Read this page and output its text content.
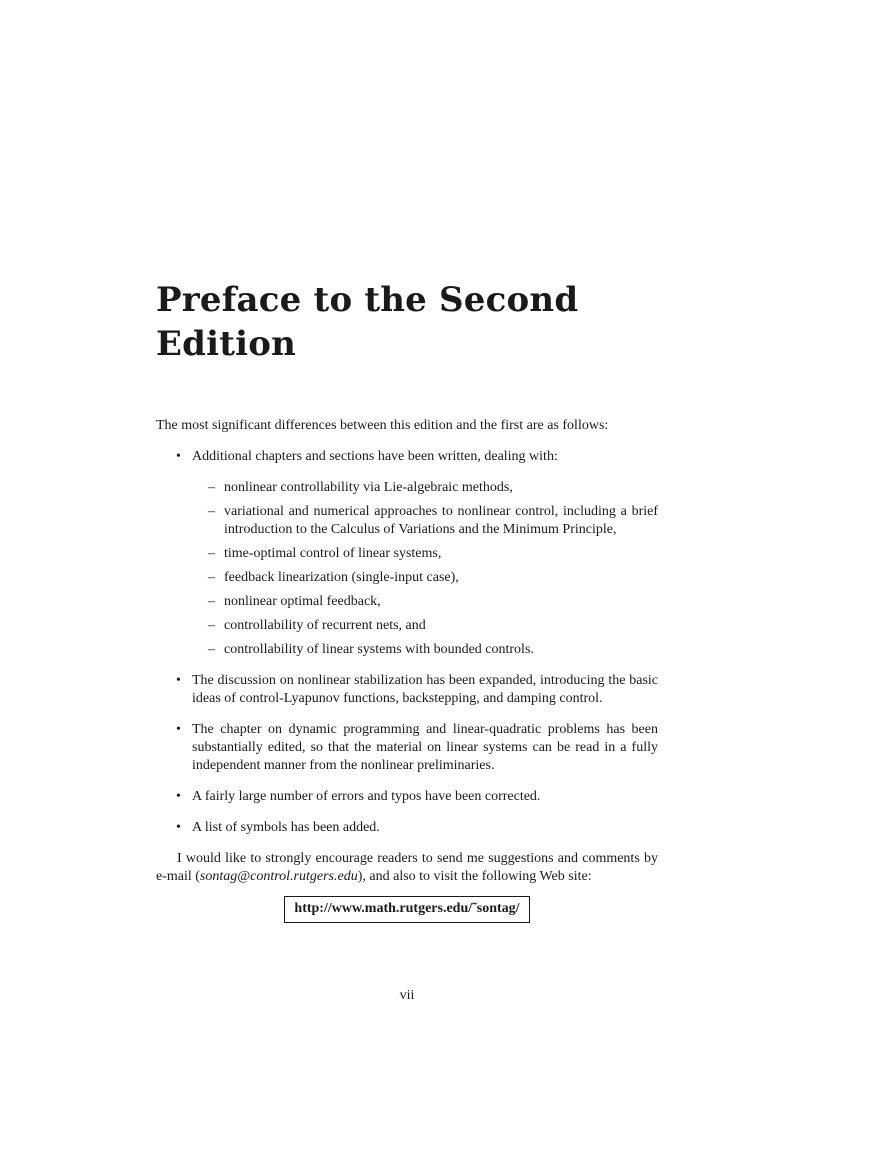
Preface to the Second
Edition

The most significant differences between this edition and the first are as follows:

• Additional chapters and sections have been written, dealing with:

– nonlinear controllability via Lie-algebraic methods,

– variational and numerical approaches to nonlinear control, including a brief introduction to the Calculus of Variations and the Minimum Principle,

– time-optimal control of linear systems,

– feedback linearization (single-input case),

– nonlinear optimal feedback,

– controllability of recurrent nets, and

– controllability of linear systems with bounded controls.

• The discussion on nonlinear stabilization has been expanded, introducing the basic ideas of control-Lyapunov functions, backstepping, and damping control.

• The chapter on dynamic programming and linear-quadratic problems has been substantially edited, so that the material on linear systems can be read in a fully independent manner from the nonlinear preliminaries.

• A fairly large number of errors and typos have been corrected.

• A list of symbols has been added.

I would like to strongly encourage readers to send me suggestions and comments by e-mail (sontag@control.rutgers.edu), and also to visit the following Web site:

http://www.math.rutgers.edu/˜sontag/
vii
